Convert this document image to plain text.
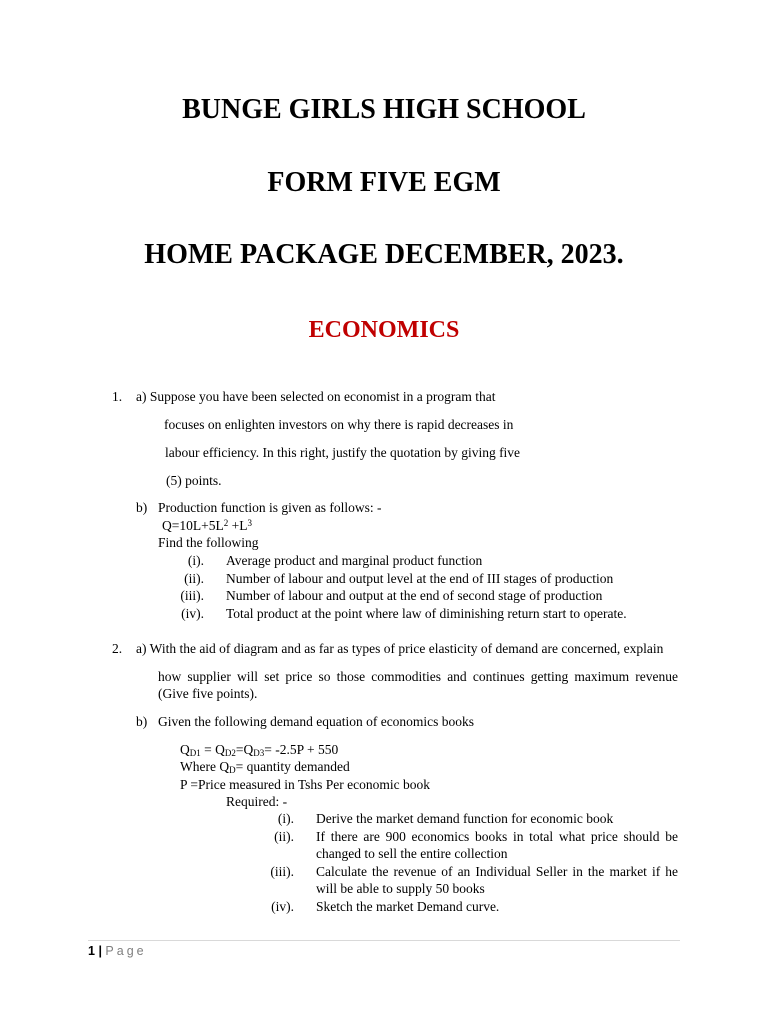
BUNGE GIRLS HIGH SCHOOL
FORM FIVE EGM
HOME PACKAGE DECEMBER, 2023.
ECONOMICS
1. a) Suppose you have been selected on economist in a program that
focuses on enlighten investors on why there is rapid decreases in
labour efficiency. In this right, justify the quotation by giving five
(5) points.
b) Production function is given as follows: -
$Q=10L+5L^2 +L^3$
Find the following
(i). Average product and marginal product function
(ii). Number of labour and output level at the end of III stages of production
(iii). Number of labour and output at the end of second stage of production
(iv). Total product at the point where law of diminishing return start to operate.
2. a) With the aid of diagram and as far as types of price elasticity of demand are concerned, explain
how supplier will set price so those commodities and continues getting maximum revenue
(Give five points).
b) Given the following demand equation of economics books
$Q_{D1} = Q_{D2}=Q_{D3}= -2.5P + 550$
Where $Q_D=$ quantity demanded
P =Price measured in Tshs Per economic book
Required: -
(i). Derive the market demand function for economic book
(ii). If there are 900 economics books in total what price should be
changed to sell the entire collection
(iii). Calculate the revenue of an Individual Seller in the market if he
will be able to supply 50 books
(iv). Sketch the market Demand curve.
1 | Page
